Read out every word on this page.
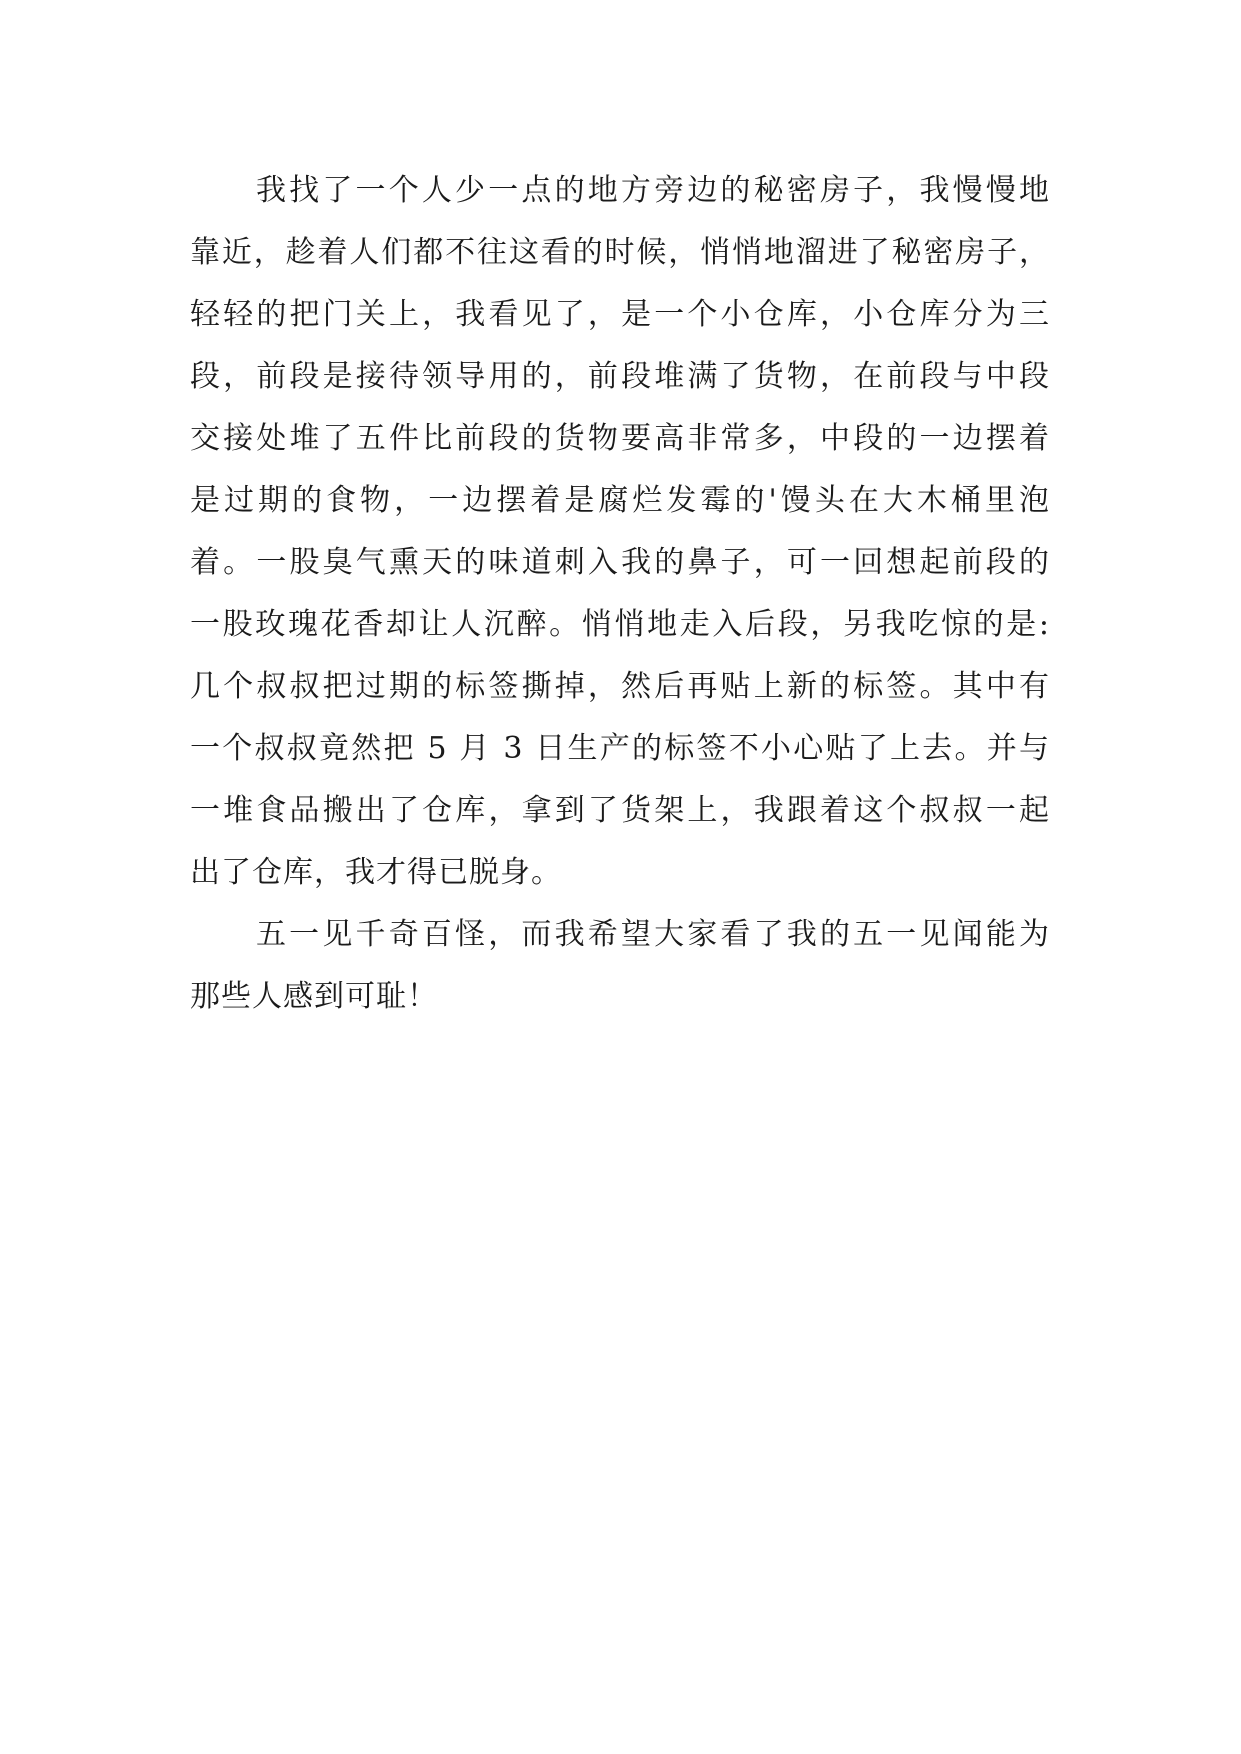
我找了一个人少一点的地方旁边的秘密房子，我慢慢地
靠近，趁着人们都不往这看的时候，悄悄地溜进了秘密房子，
轻轻的把门关上，我看见了，是一个小仓库，小仓库分为三
段，前段是接待领导用的，前段堆满了货物，在前段与中段
交接处堆了五件比前段的货物要高非常多，中段的一边摆着
是过期的食物，一边摆着是腐烂发霉的'馒头在大木桶里泡
着。一股臭气熏天的味道刺入我的鼻子，可一回想起前段的
一股玫瑰花香却让人沉醉。悄悄地走入后段，另我吃惊的是:
几个叔叔把过期的标签撕掉，然后再贴上新的标签。其中有
一个叔叔竟然把 5 月 3 日生产的标签不小心贴了上去。并与
一堆食品搬出了仓库，拿到了货架上，我跟着这个叔叔一起
出了仓库，我才得已脱身。
五一见千奇百怪，而我希望大家看了我的五一见闻能为
那些人感到可耻！
